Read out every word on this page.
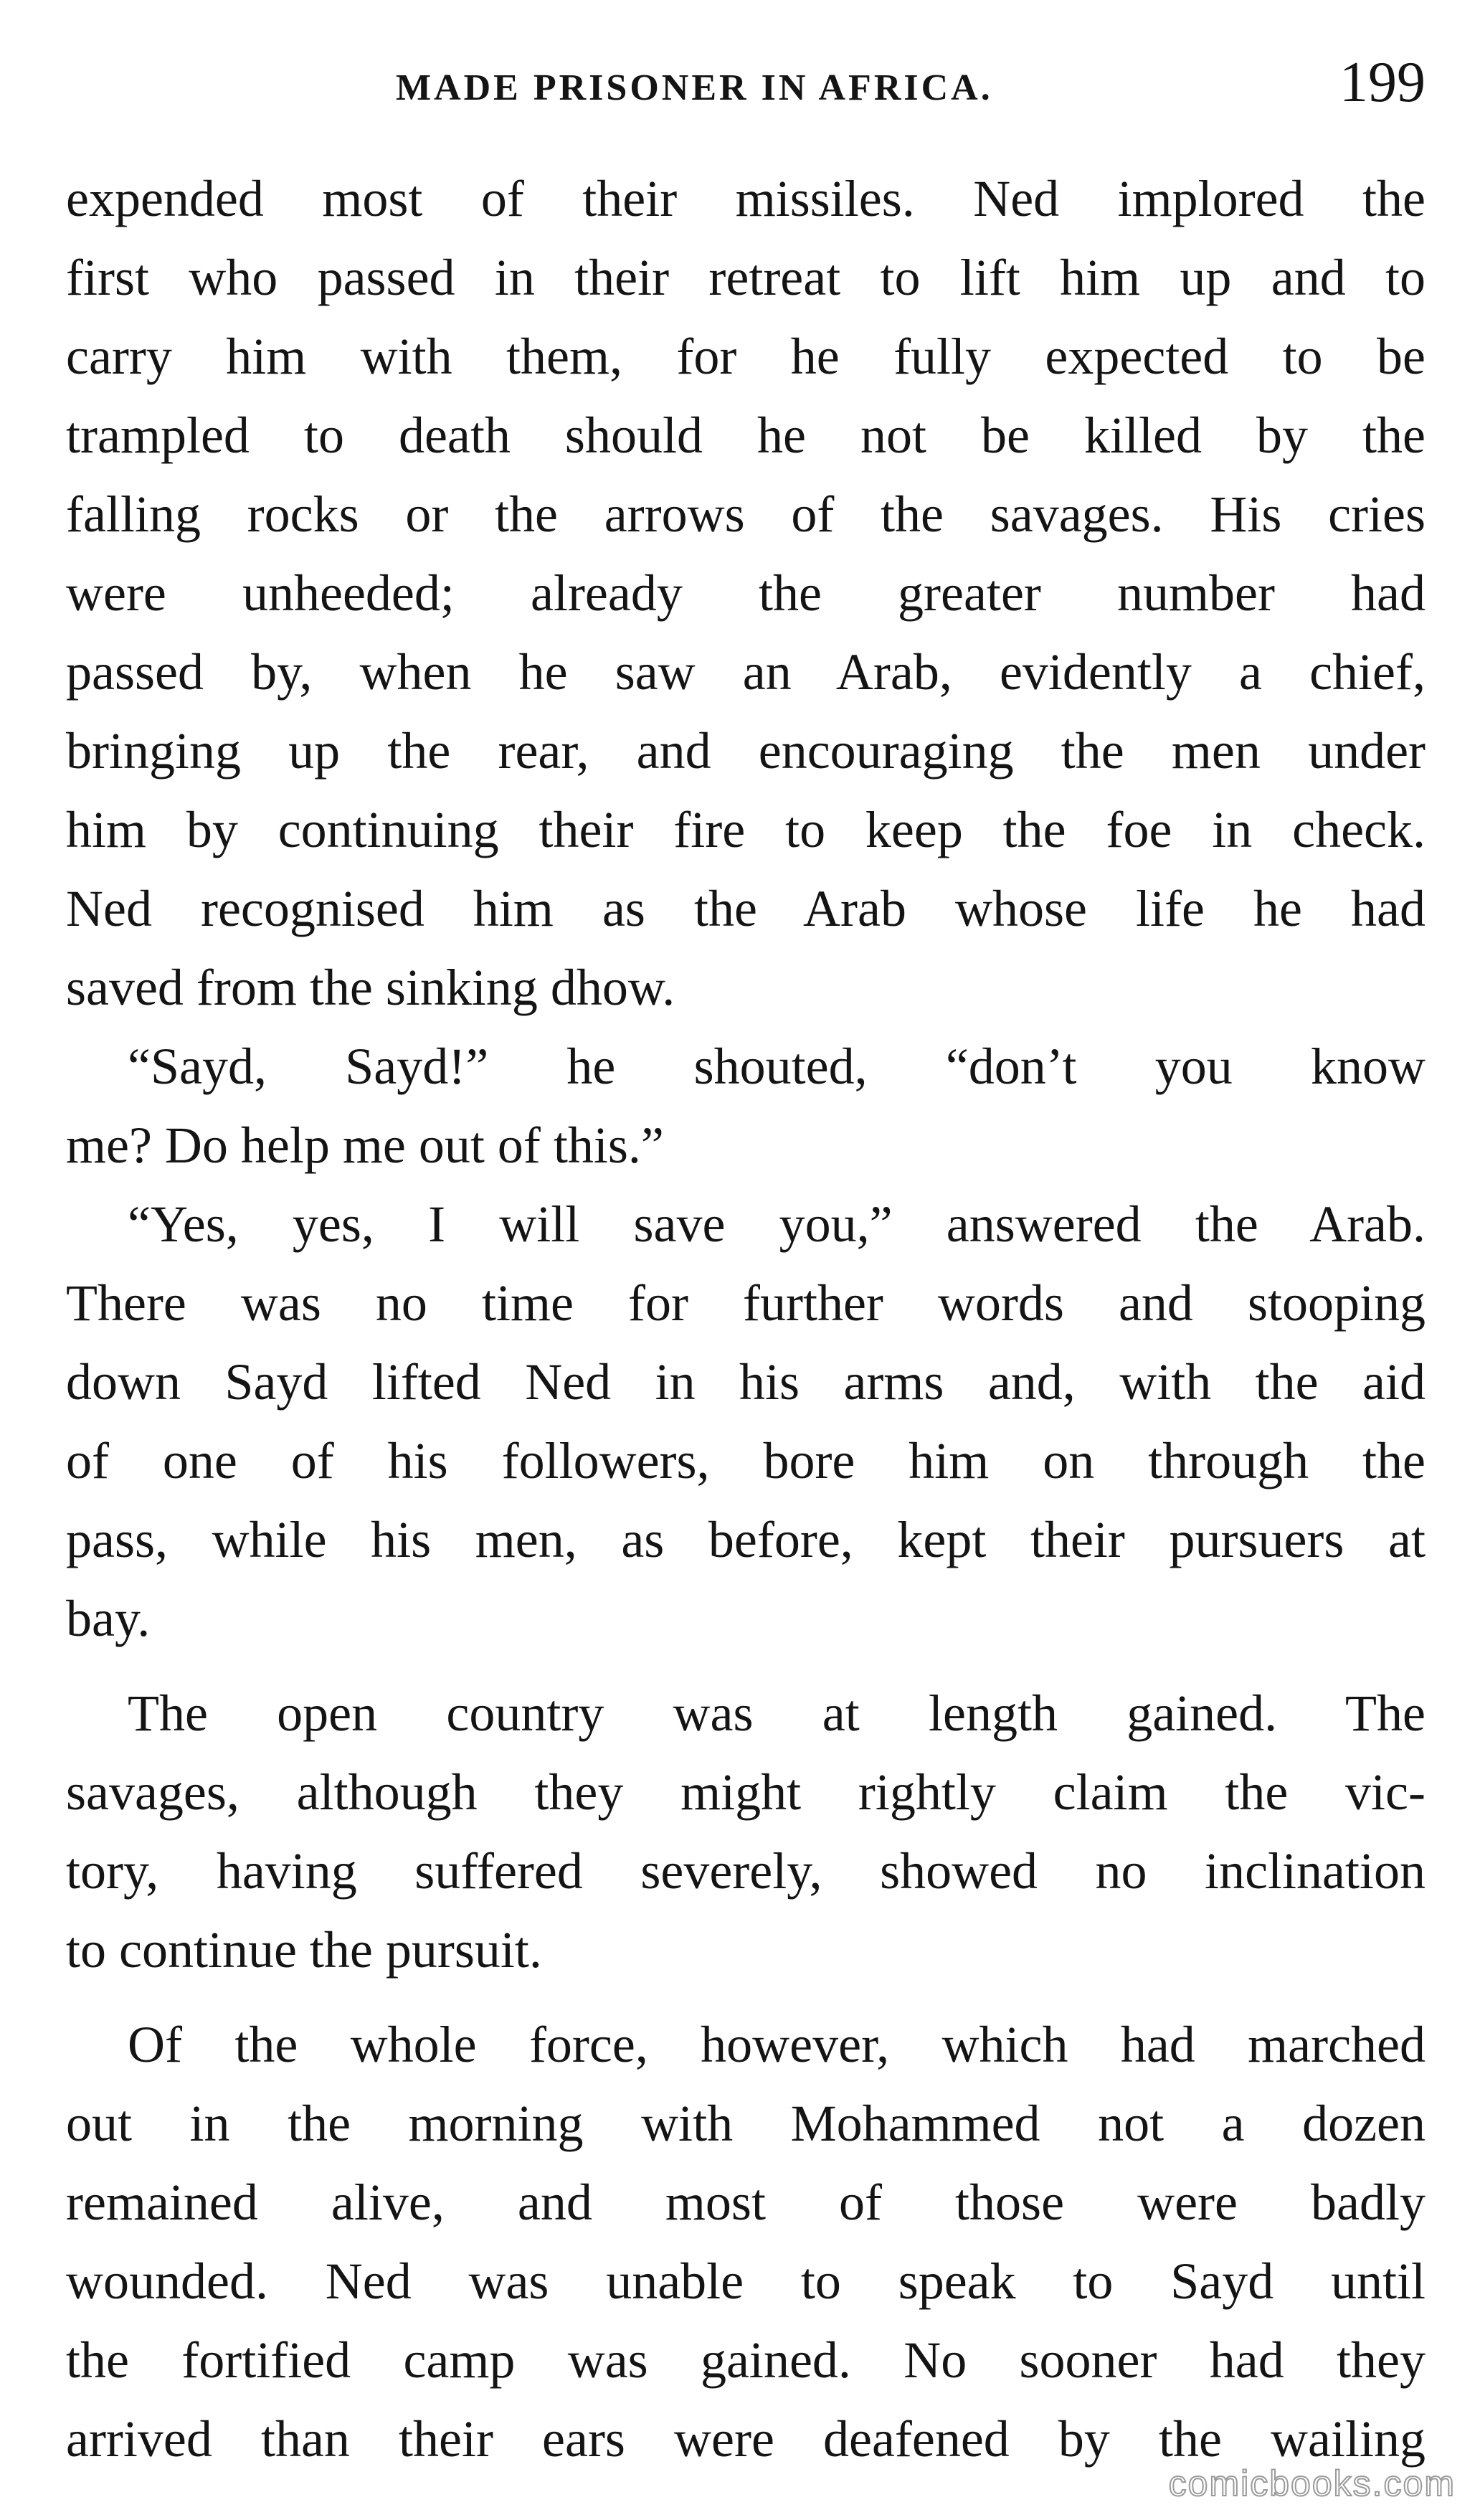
MADE PRISONER IN AFRICA.	199
expended most of their missiles. Ned implored the
first who passed in their retreat to lift him up and to
carry him with them, for he fully expected to be
trampled to death should he not be killed by the
falling rocks or the arrows of the savages. His cries
were unheeded; already the greater number had
passed by, when he saw an Arab, evidently a chief,
bringing up the rear, and encouraging the men under
him by continuing their fire to keep the foe in check.
Ned recognised him as the Arab whose life he had
saved from the sinking dhow.
“Sayd, Sayd!” he shouted, “don’t you know
me? Do help me out of this.”
“Yes, yes, I will save you,” answered the Arab.
There was no time for further words and stooping
down Sayd lifted Ned in his arms and, with the aid
of one of his followers, bore him on through the
pass, while his men, as before, kept their pursuers at
bay.
The open country was at length gained. The
savages, although they might rightly claim the vic-
tory, having suffered severely, showed no inclination
to continue the pursuit.
Of the whole force, however, which had marched
out in the morning with Mohammed not a dozen
remained alive, and most of those were badly
wounded. Ned was unable to speak to Sayd until
the fortified camp was gained. No sooner had they
arrived than their ears were deafened by the wailing
comicbooks.com
